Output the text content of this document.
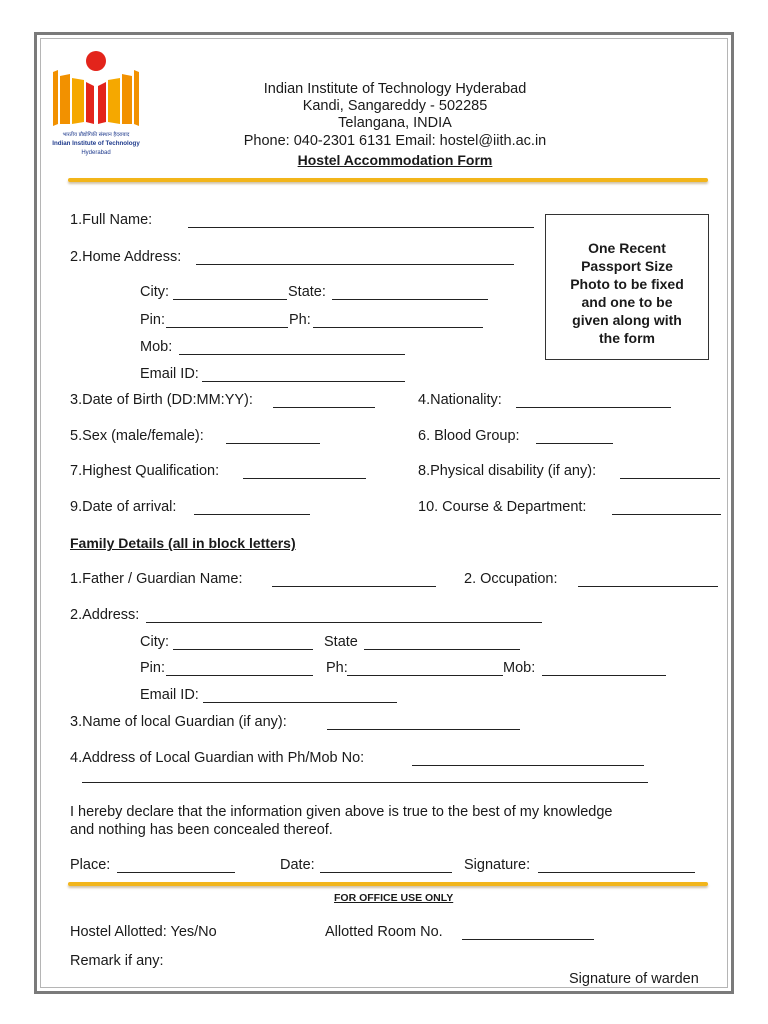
भारतीय प्रौद्योगिकी संस्थान हैदराबाद
Indian Institute of Technology
Hyderabad
Indian Institute of Technology Hyderabad
Kandi, Sangareddy - 502285
Telangana, INDIA
Phone: 040-2301 6131 Email: hostel@iith.ac.in
Hostel Accommodation Form
One Recent
Passport Size
Photo to be fixed
and one to be
given along with
the form
1.Full Name:
2.Home Address:
City:	State:
Pin:	Ph:
Mob:
Email ID:
3.Date of Birth (DD:MM:YY):	4.Nationality:
5.Sex (male/female):	6. Blood Group:
7.Highest Qualification:	8.Physical disability (if any):
9.Date of arrival:	10. Course & Department:
Family Details (all in block letters)
1.Father / Guardian Name:	2. Occupation:
2.Address:
City:	State
Pin:	Ph:	Mob:
Email ID:
3.Name of local Guardian (if any):
4.Address of Local Guardian with Ph/Mob No:
I hereby declare that the information given above is true to the best of my knowledge
and nothing has been concealed thereof.
Place:	Date:	Signature:
FOR OFFICE USE ONLY
Hostel Allotted: Yes/No	Allotted Room No.
Remark if any:
Signature of warden
